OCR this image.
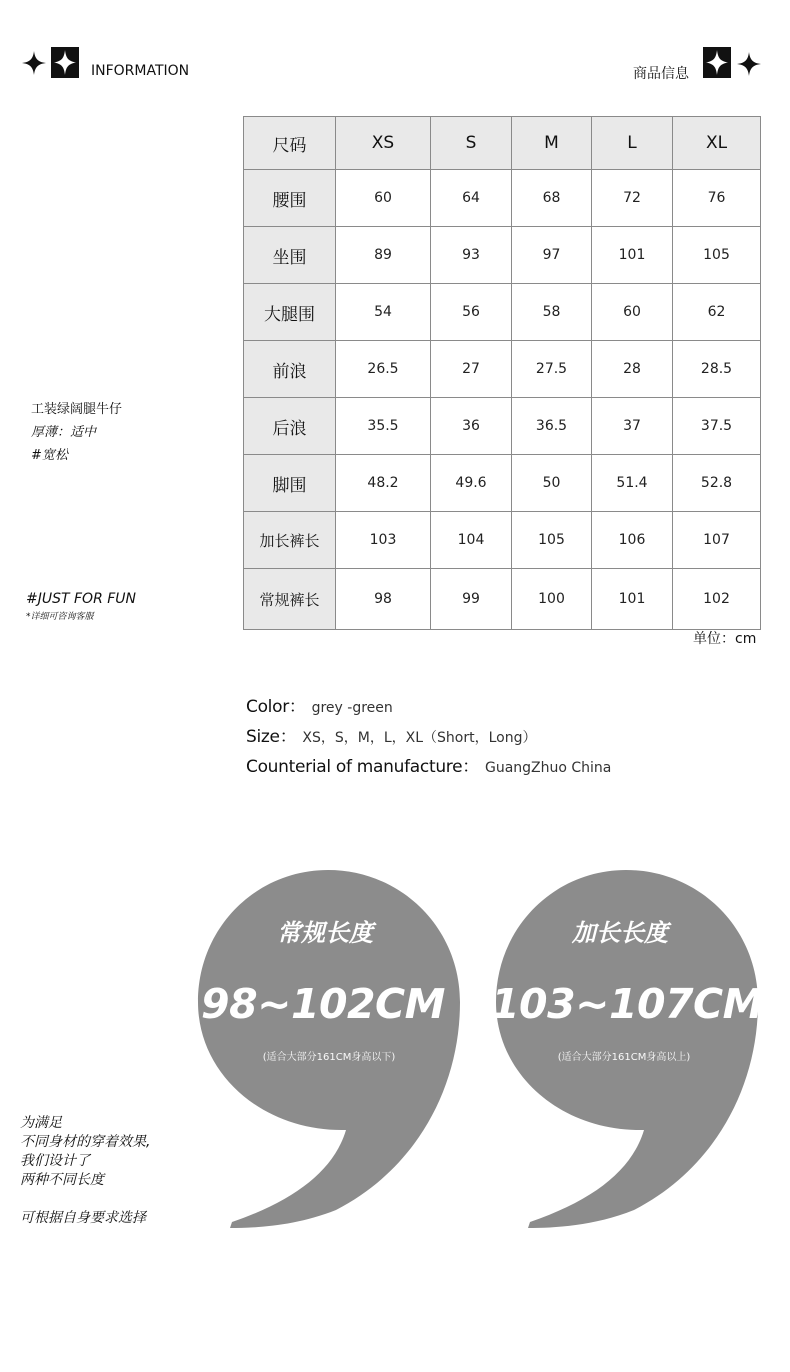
INFORMATION	商品信息
工装绿阔腿牛仔
厚薄：适中
#宽松
#JUST FOR FUN
*详细可咨询客服
尺码	XS	S	M	L	XL
腰围	60	64	68	72	76
坐围	89	93	97	101	105
大腿围	54	56	58	60	62
前浪	26.5	27	27.5	28	28.5
后浪	35.5	36	36.5	37	37.5
脚围	48.2	49.6	50	51.4	52.8
加长裤长	103	104	105	106	107
常规裤长	98	99	100	101	102
单位：cm
Color： grey -green
Size： XS，S，M，L，XL（Short，Long）
Counterial of manufacture： GuangZhuo China
常规长度
98~102CM
(适合大部分161CM身高以下)
加长长度
103~107CM
(适合大部分161CM身高以上)
为满足
不同身材的穿着效果,
我们设计了
两种不同长度
可根据自身要求选择
